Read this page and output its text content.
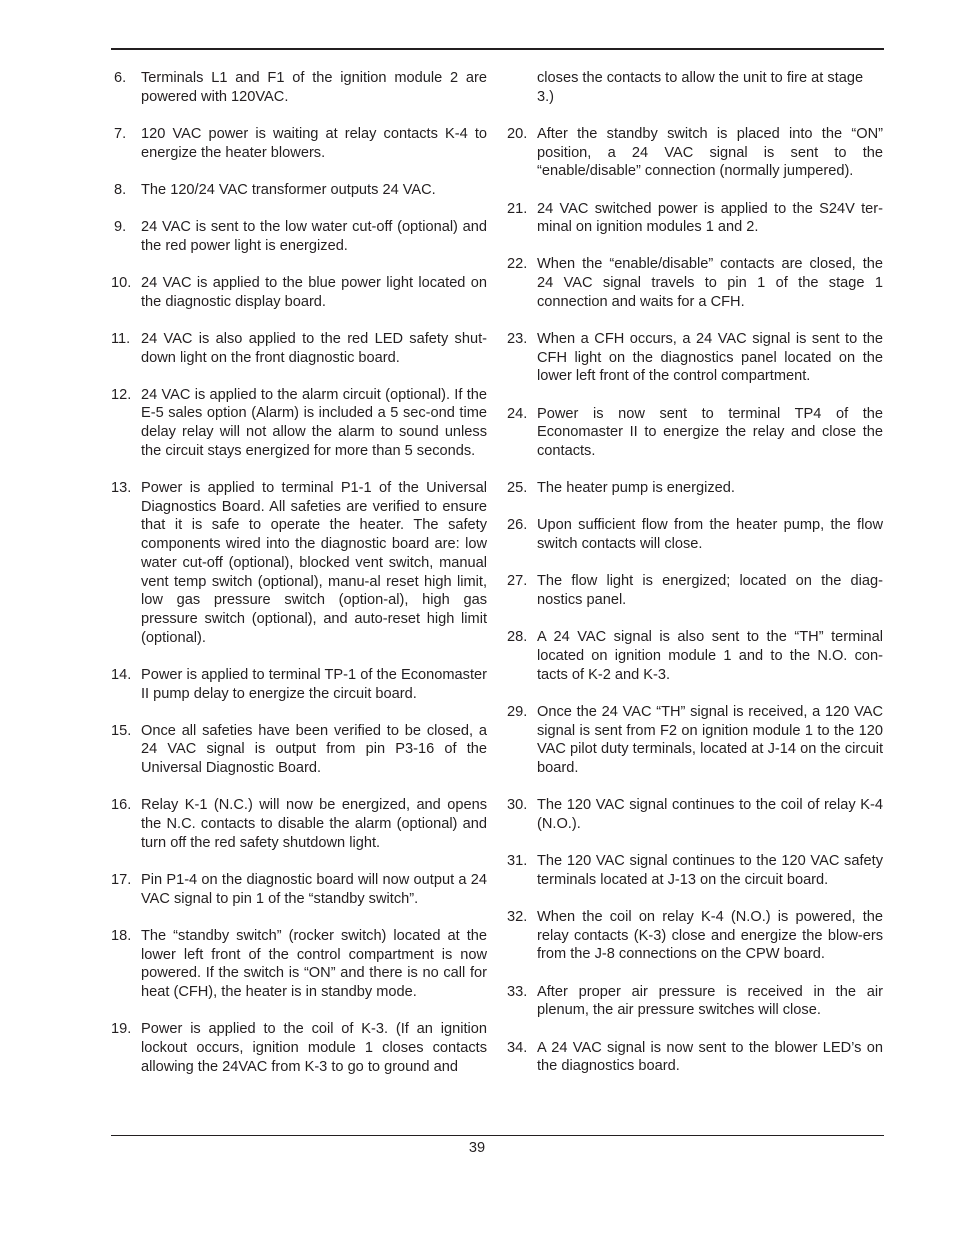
6. Terminals L1 and F1 of the ignition module 2 are powered with 120VAC.
7. 120 VAC power is waiting at relay contacts K-4 to energize the heater blowers.
8. The 120/24 VAC transformer outputs 24 VAC.
9. 24 VAC is sent to the low water cut-off (optional) and the red power light is energized.
10. 24 VAC is applied to the blue power light located on the diagnostic display board.
11. 24 VAC is also applied to the red LED safety shut-down light on the front diagnostic board.
12. 24 VAC is applied to the alarm circuit (optional). If the E-5 sales option (Alarm) is included a 5 sec-ond time delay relay will not allow the alarm to sound unless the circuit stays energized for more than 5 seconds.
13. Power is applied to terminal P1-1 of the Universal Diagnostics Board. All safeties are verified to ensure that it is safe to operate the heater. The safety components wired into the diagnostic board are: low water cut-off (optional), blocked vent switch, manual vent temp switch (optional), manu-al reset high limit, low gas pressure switch (option-al), high gas pressure switch (optional), and auto-reset high limit (optional).
14. Power is applied to terminal TP-1 of the Economaster II pump delay to energize the circuit board.
15. Once all safeties have been verified to be closed, a 24 VAC signal is output from pin P3-16 of the Universal Diagnostic Board.
16. Relay K-1 (N.C.) will now be energized, and opens the N.C. contacts to disable the alarm (optional) and turn off the red safety shutdown light.
17. Pin P1-4 on the diagnostic board will now output a 24 VAC signal to pin 1 of the “standby switch”.
18. The “standby switch” (rocker switch) located at the lower left front of the control compartment is now powered. If the switch is “ON” and there is no call for heat (CFH), the heater is in standby mode.
19. Power is applied to the coil of K-3. (If an ignition lockout occurs, ignition module 1 closes contacts allowing the 24VAC from K-3 to go to ground and
closes the contacts to allow the unit to fire at stage 3.)
20. After the standby switch is placed into the “ON” position, a 24 VAC signal is sent to the “enable/disable” connection (normally jumpered).
21. 24 VAC switched power is applied to the S24V ter-minal on ignition modules 1 and 2.
22. When the “enable/disable” contacts are closed, the 24 VAC signal travels to pin 1 of the stage 1 connection and waits for a CFH.
23. When a CFH occurs, a 24 VAC signal is sent to the CFH light on the diagnostics panel located on the lower left front of the control compartment.
24. Power is now sent to terminal TP4 of the Economaster II to energize the relay and close the contacts.
25. The heater pump is energized.
26. Upon sufficient flow from the heater pump, the flow switch contacts will close.
27. The flow light is energized; located on the diag-nostics panel.
28. A 24 VAC signal is also sent to the “TH” terminal located on ignition module 1 and to the N.O. con-tacts of K-2 and K-3.
29. Once the 24 VAC “TH” signal is received, a 120 VAC signal is sent from F2 on ignition module 1 to the 120 VAC pilot duty terminals, located at J-14 on the circuit board.
30. The 120 VAC signal continues to the coil of relay K-4 (N.O.).
31. The 120 VAC signal continues to the 120 VAC safety terminals located at J-13 on the circuit board.
32. When the coil on relay K-4 (N.O.) is powered, the relay contacts (K-3) close and energize the blow-ers from the J-8 connections on the CPW board.
33. After proper air pressure is received in the air plenum, the air pressure switches will close.
34. A 24 VAC signal is now sent to the blower LED’s on the diagnostics board.
39
